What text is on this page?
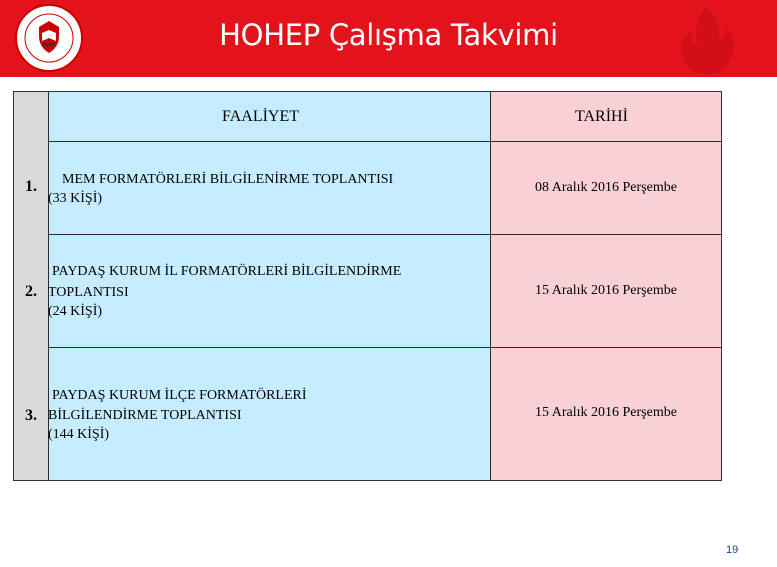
HOHEP Çalışma Takvimi
FAALİYET	TARİHİ
1. MEM FORMATÖRLERİ BİLGİLENİRME TOPLANTISI
(33 KİŞİ)
08 Aralık 2016 Perşembe
2.
PAYDAŞ KURUM İL FORMATÖRLERİ BİLGİLENDİRME
TOPLANTISI
(24 KİŞİ)
15 Aralık 2016 Perşembe
3.
PAYDAŞ KURUM İLÇE FORMATÖRLERİ
BİLGİLENDİRME TOPLANTISI
(144 KİŞİ)
15 Aralık 2016 Perşembe
19
